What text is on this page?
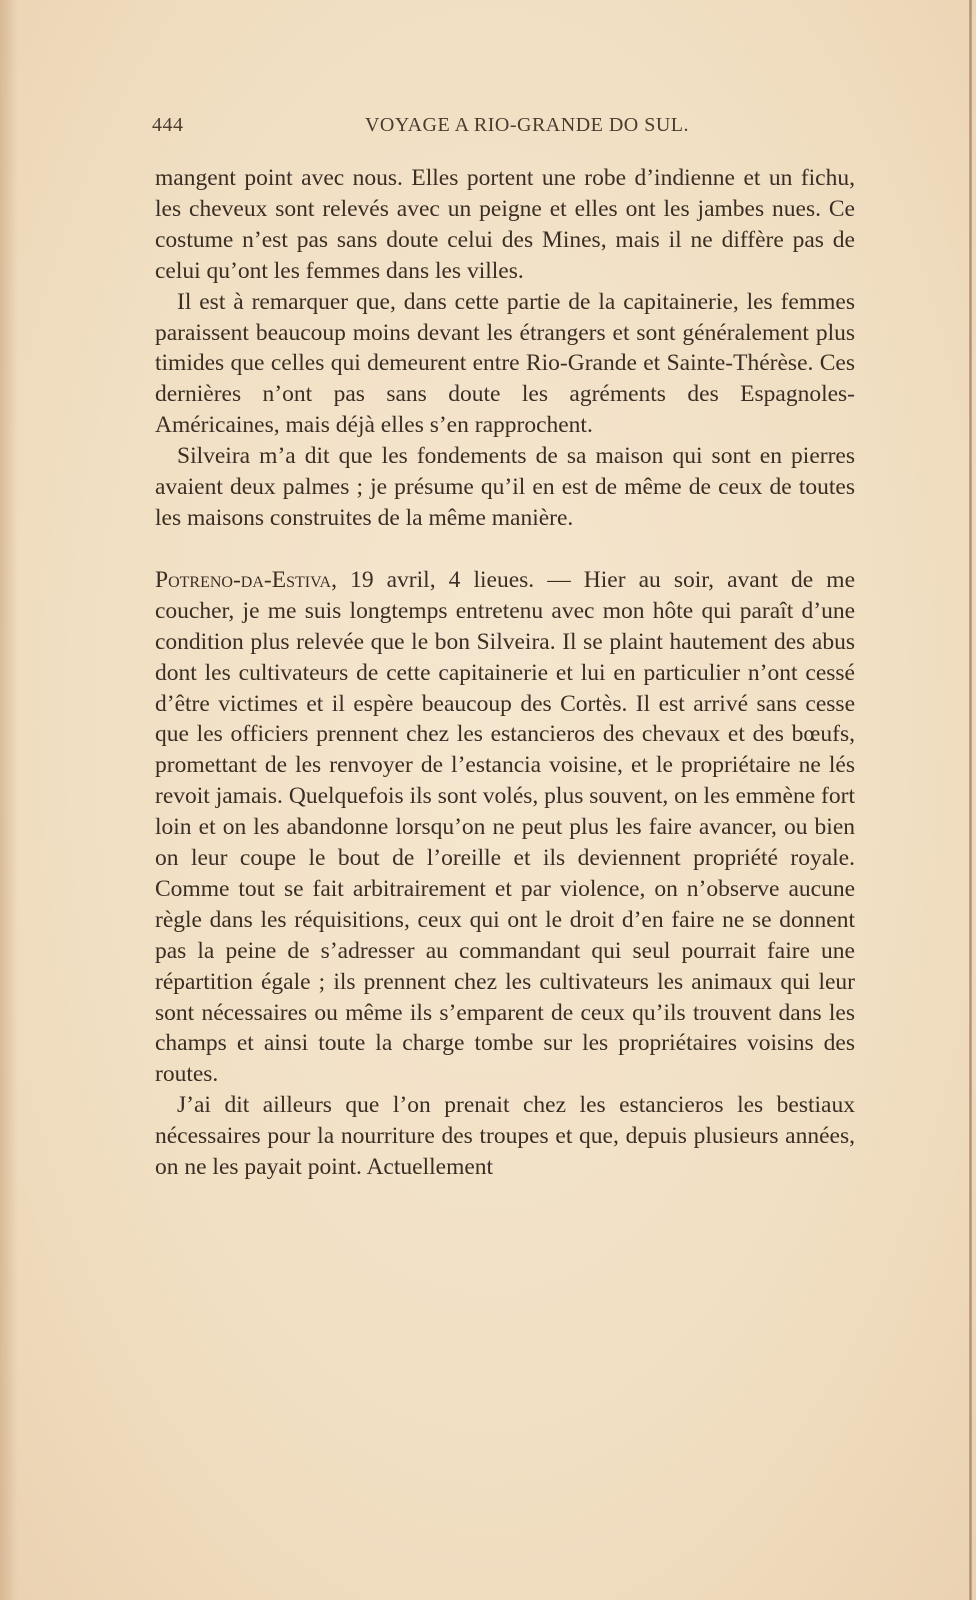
444	VOYAGE A RIO-GRANDE DO SUL.

mangent point avec nous. Elles portent une robe d’indienne et un fichu, les cheveux sont relevés avec un peigne et elles ont les jambes nues. Ce costume n’est pas sans doute celui des Mines, mais il ne diffère pas de celui qu’ont les femmes dans les villes.

Il est à remarquer que, dans cette partie de la capitainerie, les femmes paraissent beaucoup moins devant les étrangers et sont généralement plus timides que celles qui demeurent entre Rio-Grande et Sainte-Thérèse. Ces dernières n’ont pas sans doute les agréments des Espagnoles-Américaines, mais déjà elles s’en rapprochent.

Silveira m’a dit que les fondements de sa maison qui sont en pierres avaient deux palmes ; je présume qu’il en est de même de ceux de toutes les maisons construites de la même manière.

Potreno-da-Estiva, 19 avril, 4 lieues. — Hier au soir, avant de me coucher, je me suis longtemps entretenu avec mon hôte qui paraît d’une condition plus relevée que le bon Silveira. Il se plaint hautement des abus dont les cultivateurs de cette capitainerie et lui en particulier n’ont cessé d’être victimes et il espère beaucoup des Cortès. Il est arrivé sans cesse que les officiers prennent chez les estancieros des chevaux et des bœufs, promettant de les renvoyer de l’estancia voisine, et le propriétaire ne lés revoit jamais. Quelquefois ils sont volés, plus souvent, on les emmène fort loin et on les abandonne lorsqu’on ne peut plus les faire avancer, ou bien on leur coupe le bout de l’oreille et ils deviennent propriété royale. Comme tout se fait arbitrairement et par violence, on n’observe aucune règle dans les réquisitions, ceux qui ont le droit d’en faire ne se donnent pas la peine de s’adresser au commandant qui seul pourrait faire une répartition égale ; ils prennent chez les cultivateurs les animaux qui leur sont nécessaires ou même ils s’emparent de ceux qu’ils trouvent dans les champs et ainsi toute la charge tombe sur les propriétaires voisins des routes.

J’ai dit ailleurs que l’on prenait chez les estancieros les bestiaux nécessaires pour la nourriture des troupes et que, depuis plusieurs années, on ne les payait point. Actuellement
